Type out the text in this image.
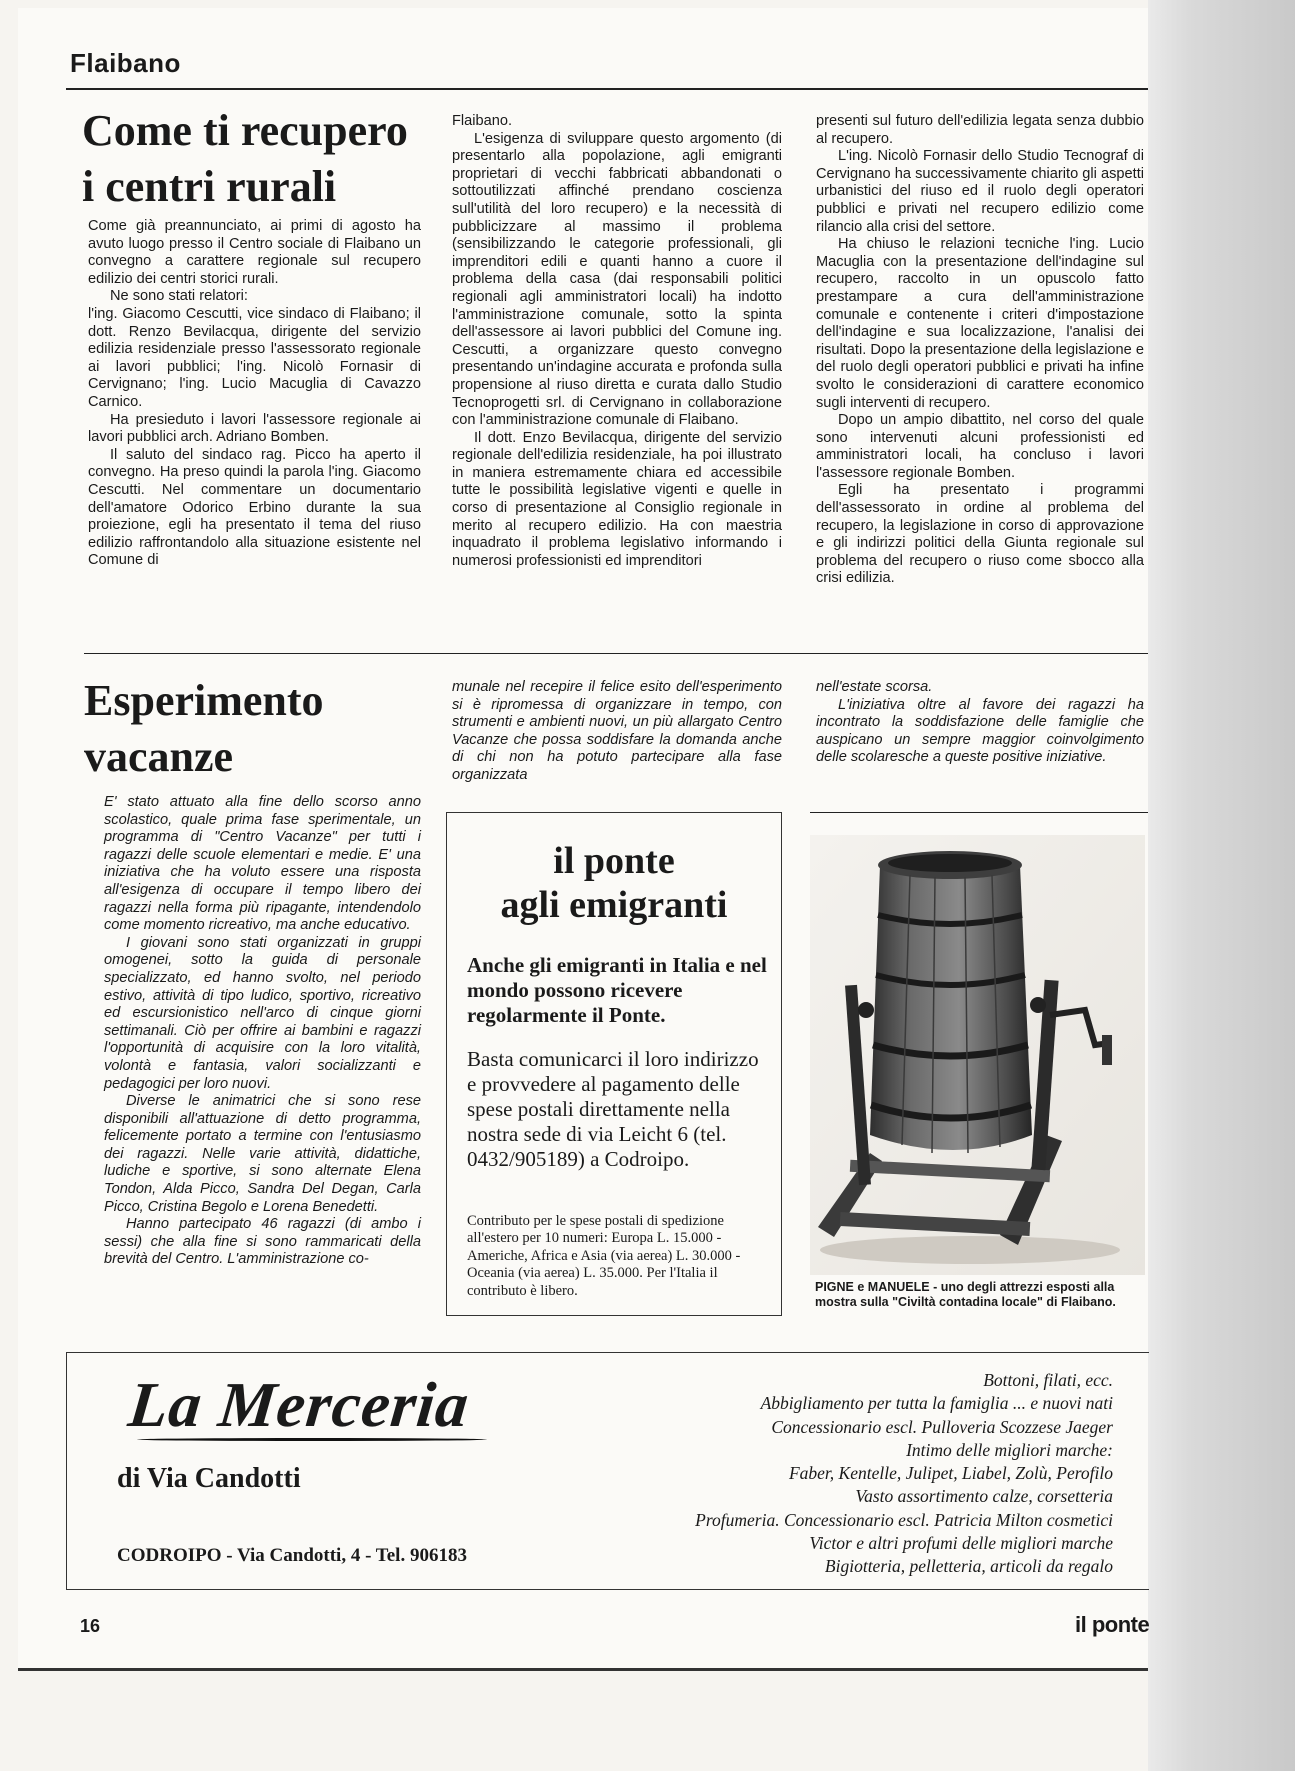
Flaibano
Come ti recupero
i centri rurali

Come già preannunciato, ai primi di agosto ha avuto luogo presso il Centro sociale di Flaibano un convegno a carattere regionale sul recupero edilizio dei centri storici rurali.

Ne sono stati relatori:

l'ing. Giacomo Cescutti, vice sindaco di Flaibano; il dott. Renzo Bevilacqua, dirigente del servizio edilizia residenziale presso l'assessorato regionale ai lavori pubblici; l'ing. Nicolò Fornasir di Cervignano; l'ing. Lucio Macuglia di Cavazzo Carnico.

Ha presieduto i lavori l'assessore regionale ai lavori pubblici arch. Adriano Bomben.

Il saluto del sindaco rag. Picco ha aperto il convegno. Ha preso quindi la parola l'ing. Giacomo Cescutti. Nel commentare un documentario dell'amatore Odorico Erbino durante la sua proiezione, egli ha presentato il tema del riuso edilizio raffrontandolo alla situazione esistente nel Comune di

Flaibano.

L'esigenza di sviluppare questo argomento (di presentarlo alla popolazione, agli emigranti proprietari di vecchi fabbricati abbandonati o sottoutilizzati affinché prendano coscienza sull'utilità del loro recupero) e la necessità di pubblicizzare al massimo il problema (sensibilizzando le categorie professionali, gli imprenditori edili e quanti hanno a cuore il problema della casa (dai responsabili politici regionali agli amministratori locali) ha indotto l'amministrazione comunale, sotto la spinta dell'assessore ai lavori pubblici del Comune ing. Cescutti, a organizzare questo convegno presentando un'indagine accurata e profonda sulla propensione al riuso diretta e curata dallo Studio Tecnoprogetti srl. di Cervignano in collaborazione con l'amministrazione comunale di Flaibano.

Il dott. Enzo Bevilacqua, dirigente del servizio regionale dell'edilizia residenziale, ha poi illustrato in maniera estremamente chiara ed accessibile tutte le possibilità legislative vigenti e quelle in corso di presentazione al Consiglio regionale in merito al recupero edilizio. Ha con maestria inquadrato il problema legislativo informando i numerosi professionisti ed imprenditori

presenti sul futuro dell'edilizia legata senza dubbio al recupero.

L'ing. Nicolò Fornasir dello Studio Tecnograf di Cervignano ha successivamente chiarito gli aspetti urbanistici del riuso ed il ruolo degli operatori pubblici e privati nel recupero edilizio come rilancio alla crisi del settore.

Ha chiuso le relazioni tecniche l'ing. Lucio Macuglia con la presentazione dell'indagine sul recupero, raccolto in un opuscolo fatto prestampare a cura dell'amministrazione comunale e contenente i criteri d'impostazione dell'indagine e sua localizzazione, l'analisi dei risultati. Dopo la presentazione della legislazione e del ruolo degli operatori pubblici e privati ha infine svolto le considerazioni di carattere economico sugli interventi di recupero.

Dopo un ampio dibattito, nel corso del quale sono intervenuti alcuni professionisti ed amministratori locali, ha concluso i lavori l'assessore regionale Bomben.

Egli ha presentato i programmi dell'assessorato in ordine al problema del recupero, la legislazione in corso di approvazione e gli indirizzi politici della Giunta regionale sul problema del recupero o riuso come sbocco alla crisi edilizia.

Esperimento
vacanze

E' stato attuato alla fine dello scorso anno scolastico, quale prima fase sperimentale, un programma di "Centro Vacanze" per tutti i ragazzi delle scuole elementari e medie. E' una iniziativa che ha voluto essere una risposta all'esigenza di occupare il tempo libero dei ragazzi nella forma più ripagante, intendendolo come momento ricreativo, ma anche educativo.

I giovani sono stati organizzati in gruppi omogenei, sotto la guida di personale specializzato, ed hanno svolto, nel periodo estivo, attività di tipo ludico, sportivo, ricreativo ed escursionistico nell'arco di cinque giorni settimanali. Ciò per offrire ai bambini e ragazzi l'opportunità di acquisire con la loro vitalità, volontà e fantasia, valori socializzanti e pedagogici per loro nuovi.

Diverse le animatrici che si sono rese disponibili all'attuazione di detto programma, felicemente portato a termine con l'entusiasmo dei ragazzi. Nelle varie attività, didattiche, ludiche e sportive, si sono alternate Elena Tondon, Alda Picco, Sandra Del Degan, Carla Picco, Cristina Begolo e Lorena Benedetti.

Hanno partecipato 46 ragazzi (di ambo i sessi) che alla fine si sono rammaricati della brevità del Centro. L'amministrazione co-

munale nel recepire il felice esito dell'esperimento si è ripromessa di organizzare in tempo, con strumenti e ambienti nuovi, un più allargato Centro Vacanze che possa soddisfare la domanda anche di chi non ha potuto partecipare alla fase organizzata

nell'estate scorsa.

L'iniziativa oltre al favore dei ragazzi ha incontrato la soddisfazione delle famiglie che auspicano un sempre maggior coinvolgimento delle scolaresche a queste positive iniziative.

il ponte
agli emigranti
Anche gli emigranti in Italia e nel mondo possono ricevere regolarmente il Ponte.
Basta comunicarci il loro indirizzo e provvedere al pagamento delle spese postali direttamente nella nostra sede di via Leicht 6 (tel. 0432/905189) a Codroipo.
Contributo per le spese postali di spedizione all'estero per 10 numeri: Europa L. 15.000 - Americhe, Africa e Asia (via aerea) L. 30.000 - Oceania (via aerea) L. 35.000. Per l'Italia il contributo è libero.	PIGNE e MANUELE - uno degli attrezzi esposti alla mostra sulla "Civiltà contadina locale" di Flaibano.
La Merceria
di Via Candotti
CODROIPO - Via Candotti, 4 - Tel. 906183
Bottoni, filati, ecc.
Abbigliamento per tutta la famiglia ... e nuovi nati
Concessionario escl. Pulloveria Scozzese Jaeger
Intimo delle migliori marche:
Faber, Kentelle, Julipet, Liabel, Zolù, Perofilo
Vasto assortimento calze, corsetteria
Profumeria. Concessionario escl. Patricia Milton cosmetici
Victor e altri profumi delle migliori marche
Bigiotteria, pelletteria, articoli da regalo
16	il ponte
